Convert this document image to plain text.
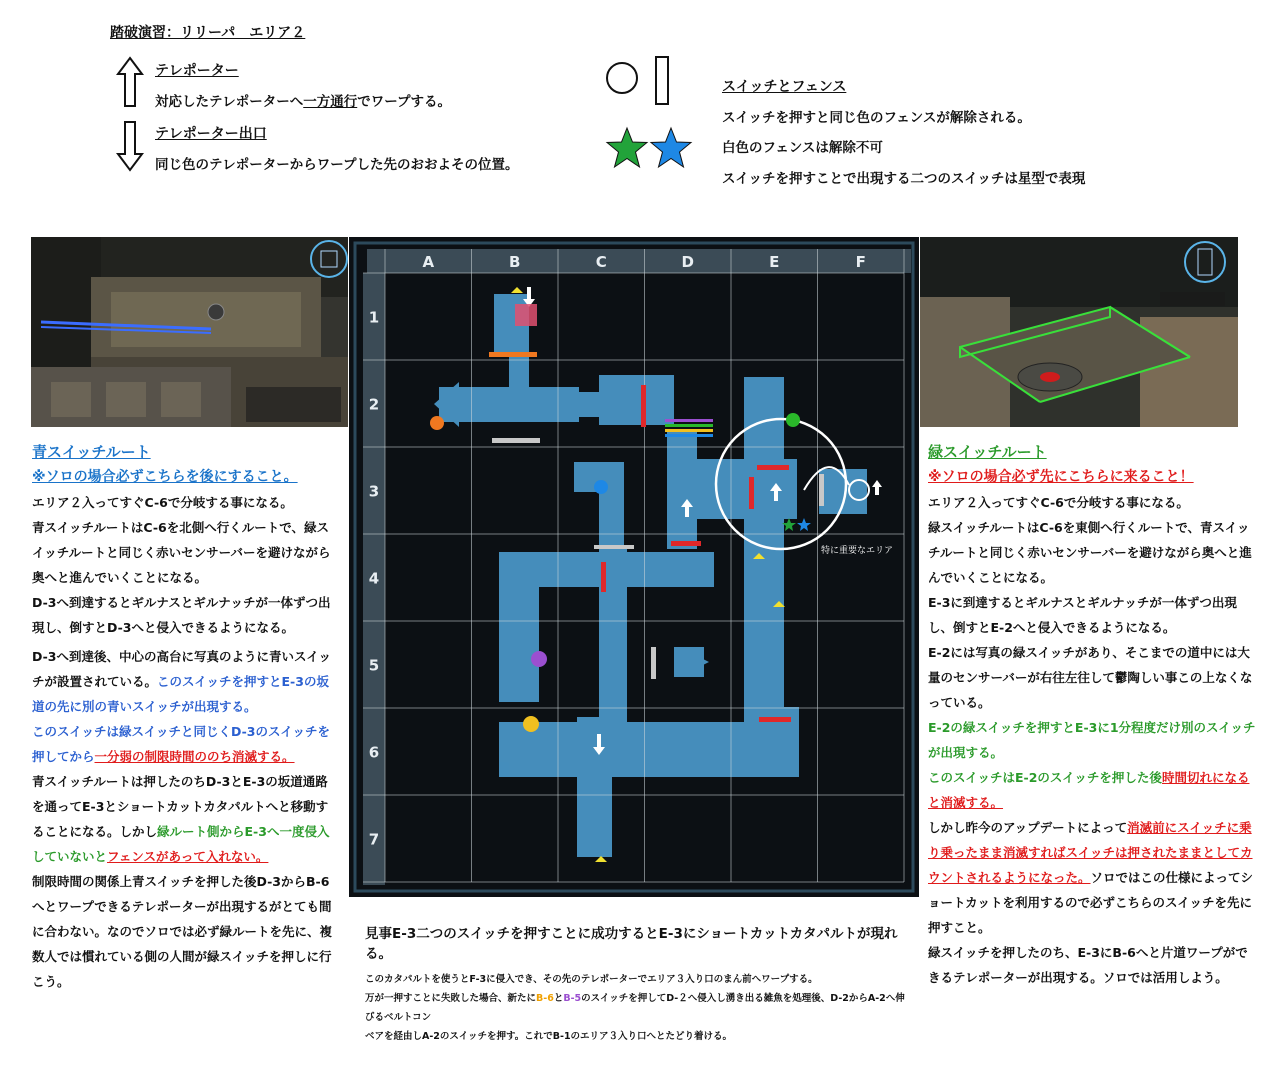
踏破演習：リリーパ　エリア２
テレポーター
対応したテレポーターへ一方通行でワープする。
テレポーター出口
同じ色のテレポーターからワープした先のおおよその位置。
スイッチとフェンス
スイッチを押すと同じ色のフェンスが解除される。
白色のフェンスは解除不可
スイッチを押すことで出現する二つのスイッチは星型で表現
A	B	C	D	E	F
1
2
3
4
5
6
7
特に重要なエリア

青スイッチルート

※ソロの場合必ずこちらを後にすること。

エリア２入ってすぐC-6で分岐する事になる。

青スイッチルートはC-6を北側へ行くルートで、緑スイッチルートと同じく赤いセンサーバーを避けながら奥へと進んでいくことになる。

D-3へ到達するとギルナスとギルナッチが一体ずつ出現し、倒すとD-3へと侵入できるようになる。

D-3へ到達後、中心の高台に写真のように青いスイッチが設置されている。このスイッチを押すとE-3の坂道の先に別の青いスイッチが出現する。

このスイッチは緑スイッチと同じくD-3のスイッチを押してから一分弱の制限時間ののち消滅する。

青スイッチルートは押したのちD-3とE-3の坂道通路を通ってE-3とショートカットカタパルトへと移動することになる。しかし緑ルート側からE-3へ一度侵入していないとフェンスがあって入れない。

制限時間の関係上青スイッチを押した後D-3からB-6へとワープできるテレポーターが出現するがとても間に合わない。なのでソロでは必ず緑ルートを先に、複数人では慣れている側の人間が緑スイッチを押しに行こう。

緑スイッチルート

※ソロの場合必ず先にこちらに来ること！

エリア２入ってすぐC-6で分岐する事になる。

緑スイッチルートはC-6を東側へ行くルートで、青スイッチルートと同じく赤いセンサーバーを避けながら奥へと進んでいくことになる。

E-3に到達するとギルナスとギルナッチが一体ずつ出現し、倒すとE-2へと侵入できるようになる。

E-2には写真の緑スイッチがあり、そこまでの道中には大量のセンサーバーが右往左往して鬱陶しい事この上なくなっている。

E-2の緑スイッチを押すとE-3に1分程度だけ別のスイッチが出現する。

このスイッチはE-2のスイッチを押した後時間切れになると消滅する。

しかし昨今のアップデートによって消滅前にスイッチに乗り乗ったまま消滅すればスイッチは押されたままとしてカウントされるようになった。ソロではこの仕様によってショートカットを利用するので必ずこちらのスイッチを先に押すこと。

緑スイッチを押したのち、E-3にB-6へと片道ワープができるテレポーターが出現する。ソロでは活用しよう。

見事E-3二つのスイッチを押すことに成功するとE-3にショートカットカタパルトが現れる。
このカタパルトを使うとF-3に侵入でき、その先のテレポーターでエリア３入り口のまん前へワープする。
万が一押すことに失敗した場合、新たにB-6とB-5のスイッチを押してD-２へ侵入し湧き出る雑魚を処理後、D-2からA-2へ伸びるベルトコン
ベアを経由しA-2のスイッチを押す。これでB-1のエリア３入り口へとたどり着ける。
